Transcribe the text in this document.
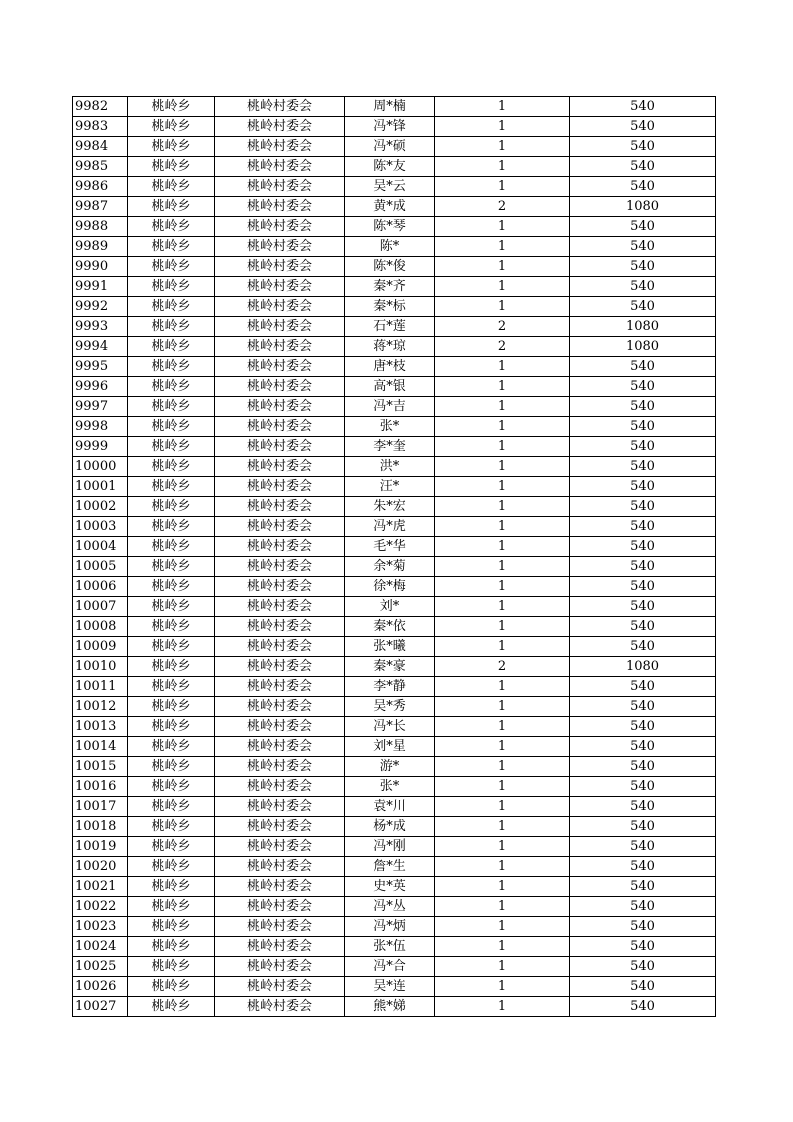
9982	桃岭乡	桃岭村委会	周*楠	1	540
9983	桃岭乡	桃岭村委会	冯*锋	1	540
9984	桃岭乡	桃岭村委会	冯*硕	1	540
9985	桃岭乡	桃岭村委会	陈*友	1	540
9986	桃岭乡	桃岭村委会	吴*云	1	540
9987	桃岭乡	桃岭村委会	黄*成	2	1080
9988	桃岭乡	桃岭村委会	陈*琴	1	540
9989	桃岭乡	桃岭村委会	陈*	1	540
9990	桃岭乡	桃岭村委会	陈*俊	1	540
9991	桃岭乡	桃岭村委会	秦*齐	1	540
9992	桃岭乡	桃岭村委会	秦*标	1	540
9993	桃岭乡	桃岭村委会	石*莲	2	1080
9994	桃岭乡	桃岭村委会	蒋*琼	2	1080
9995	桃岭乡	桃岭村委会	唐*枝	1	540
9996	桃岭乡	桃岭村委会	高*银	1	540
9997	桃岭乡	桃岭村委会	冯*吉	1	540
9998	桃岭乡	桃岭村委会	张*	1	540
9999	桃岭乡	桃岭村委会	李*奎	1	540
10000	桃岭乡	桃岭村委会	洪*	1	540
10001	桃岭乡	桃岭村委会	汪*	1	540
10002	桃岭乡	桃岭村委会	朱*宏	1	540
10003	桃岭乡	桃岭村委会	冯*虎	1	540
10004	桃岭乡	桃岭村委会	毛*华	1	540
10005	桃岭乡	桃岭村委会	余*菊	1	540
10006	桃岭乡	桃岭村委会	徐*梅	1	540
10007	桃岭乡	桃岭村委会	刘*	1	540
10008	桃岭乡	桃岭村委会	秦*依	1	540
10009	桃岭乡	桃岭村委会	张*曦	1	540
10010	桃岭乡	桃岭村委会	秦*豪	2	1080
10011	桃岭乡	桃岭村委会	李*静	1	540
10012	桃岭乡	桃岭村委会	吴*秀	1	540
10013	桃岭乡	桃岭村委会	冯*长	1	540
10014	桃岭乡	桃岭村委会	刘*星	1	540
10015	桃岭乡	桃岭村委会	游*	1	540
10016	桃岭乡	桃岭村委会	张*	1	540
10017	桃岭乡	桃岭村委会	袁*川	1	540
10018	桃岭乡	桃岭村委会	杨*成	1	540
10019	桃岭乡	桃岭村委会	冯*刚	1	540
10020	桃岭乡	桃岭村委会	詹*生	1	540
10021	桃岭乡	桃岭村委会	史*英	1	540
10022	桃岭乡	桃岭村委会	冯*丛	1	540
10023	桃岭乡	桃岭村委会	冯*炳	1	540
10024	桃岭乡	桃岭村委会	张*伍	1	540
10025	桃岭乡	桃岭村委会	冯*合	1	540
10026	桃岭乡	桃岭村委会	吴*连	1	540
10027	桃岭乡	桃岭村委会	熊*娣	1	540
